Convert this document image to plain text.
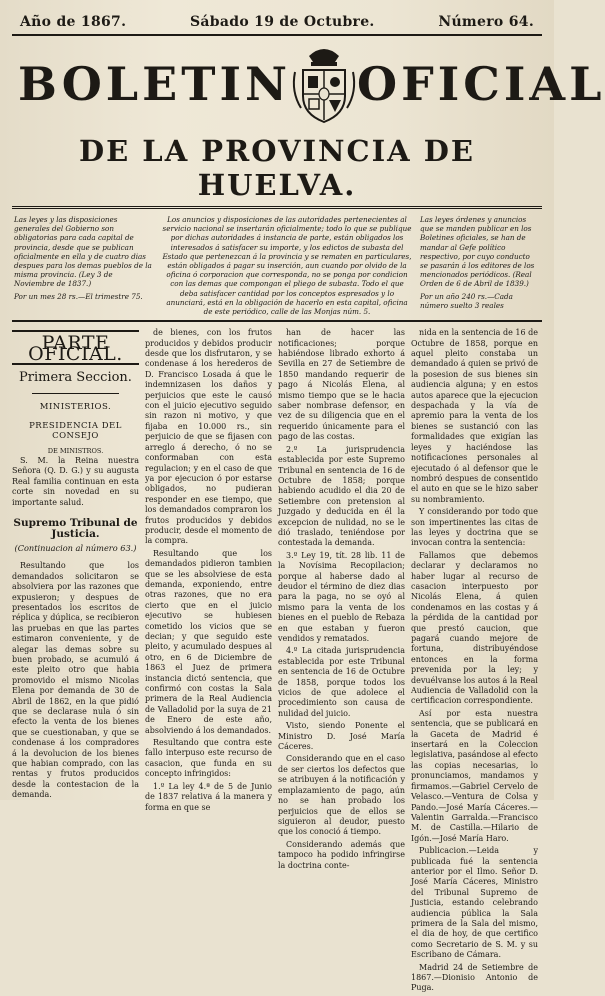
Año de 1867.	Sábado 19 de Octubre.	Número 64.
BOLETIN OFICIAL
DE LA PROVINCIA DE HUELVA.
Las leyes y las disposiciones generales del Gobierno son obligatorias para cada capital de provincia, desde que se publican oficialmente en ella y de cuatro dias despues para los demas pueblos de la misma provincia. (Ley 3 de Noviembre de 1837.)
Por un mes 28 rs.—El trimestre 75.
Los anuncios y disposiciones de las autoridades pertenecientes al servicio nacional se insertarán oficialmente; todo lo que se publique por dichas autoridades á instancia de parte, están obligados los interesados á satisfacer su importe, y los edictos de subasta del Estado que pertenezcan á la provincia y se rematen en particulares, están obligados á pagar su inserción, aun cuando por olvido de la oficina ó corporacion que corresponda, no se ponga por condicion con las demas que compongan el pliego de subasta. Todo el que deba satisfacer cantidad por los conceptos espresados y lo anunciará, está en la obligación de hacerlo en esta capital, oficina de este periódico, calle de las Monjas núm. 5.
Las leyes órdenes y anuncios que se manden publicar en los Boletines oficiales, se han de mandar al Gefe político respectivo, por cuyo conducto se pasarán á los editores de los mencionados periódicos. (Real Orden de 6 de Abril de 1839.)
Por un año 240 rs.—Cada número suelto 3 reales
PARTE OFICIAL.
Primera Seccion.
MINISTERIOS.
PRESIDENCIA DEL CONSEJO
DE MINISTROS.

S. M. la Reina nuestra Señora (Q. D. G.) y su augusta Real familia continuan en esta corte sin novedad en su importante salud.

Supremo Tribunal de Justicia.
(Continuacion al número 63.)

Resultando que los demandados solicitaron se absolviera por las razones que expusieron; y despues de presentados los escritos de réplica y dúplica, se recibieron las pruebas en que las partes estimaron conveniente, y de alegar las demas sobre su buen probado, se acumuló á este pleito otro que habia promovido el mismo Nicolas Elena por demanda de 30 de Abril de 1862, en la que pidió que se declarase nula ó sin efecto la venta de los bienes que se cuestionaban, y que se condenase á los compradores á la devolucion de los bienes que habian comprado, con las rentas y frutos producidos desde la contestacion de la demanda.

de bienes, con los frutos producidos y debidos producir desde que los disfrutaron, y se condenase á los herederos de D. Francisco Losada á que le indemnizasen los daños y perjuicios que este le causó con el juicio ejecutivo seguido sin razon ni motivo, y que fijaba en 10.000 rs., sin perjuicio de que se fijasen con arreglo á derecho, ó no se conformaban con esta regulacion; y en el caso de que ya por ejecucion ó por estarse obligados, no pudieran responder en ese tiempo, que los demandados compraron los frutos producidos y debidos producir, desde el momento de la compra.

Resultando que los demandados pidieron tambien que se les absolviese de esta demanda, exponiendo, entre otras razones, que no era cierto que en el juicio ejecutivo se hubiesen cometido los vicios que se decian; y que seguido este pleito, y acumulado despues al otro, en 6 de Diciembre de 1863 el Juez de primera instancia dictó sentencia, que confirmó con costas la Sala primera de la Real Audiencia de Valladolid por la suya de 21 de Enero de este año, absolviendo á los demandados.

Resultando que contra este fallo interpuso este recurso de casacion, que funda en su concepto infringidos:

1.º La ley 4.ª de 5 de Junio de 1837 relativa á la manera y forma en que se

han de hacer las notificaciones; porque habiéndose librado exhorto á Sevilla en 27 de Setiembre de 1850 mandando requerir de pago á Nicolás Elena, al mismo tiempo que se le hacia saber nombrase defensor, en vez de su diligencia que en el requerido únicamente para el pago de las costas.

2.º La jurisprudencia establecida por este Supremo Tribunal en sentencia de 16 de Octubre de 1858; porque habiendo acudido el dia 20 de Setiembre con pretension al Juzgado y deducida en él la excepcion de nulidad, no se le dió traslado, teniéndose por contestada la demanda.

3.º Ley 19, tít. 28 lib. 11 de la Novísima Recopilacion; porque al haberse dado al deudor el término de diez dias para la paga, no se oyó al mismo para la venta de los bienes en el pueblo de Rebaza en que estaban y fueron vendidos y rematados.

4.º La citada jurisprudencia establecida por este Tribunal en sentencia de 16 de Octubre de 1858, porque todos los vicios de que adolece el procedimiento son causa de nulidad del juicio.

Visto, siendo Ponente el Ministro D. José María Cáceres.

Considerando que en el caso de ser ciertos los defectos que se atribuyen á la notificación y emplazamiento de pago, aún no se han probado los perjuicios que de ellos se siguieron al deudor, puesto que los conoció á tiempo.

Considerando además que tampoco ha podido infringirse la doctrina conte-

nida en la sentencia de 16 de Octubre de 1858, porque en aquel pleito constaba un demandado á quien se privó de la posesion de sus bienes sin audiencia alguna; y en estos autos aparece que la ejecucion despachada y la vía de apremio para la venta de los bienes se sustanció con las formalidades que exigían las leyes y haciéndose las notificaciones personales al ejecutado ó al defensor que le nombró despues de consentido el auto en que se le hizo saber su nombramiento.

Y considerando por todo que son impertinentes las citas de las leyes y doctrina que se invocan contra la sentencia:

Fallamos que debemos declarar y declaramos no haber lugar al recurso de casacion interpuesto por Nicolás Elena, á quien condenamos en las costas y á la pérdida de la cantidad por que prestó caucion, que pagará cuando mejore de fortuna, distribuyéndose entonces en la forma prevenida por la ley; y devuélvanse los autos á la Real Audiencia de Valladolid con la certificacion correspondiente.

Así por esta nuestra sentencia, que se publicará en la Gaceta de Madrid é insertará en la Coleccion legislativa, pasándose al efecto las copias necesarias, lo pronunciamos, mandamos y firmamos.—Gabriel Cervelo de Velasco.—Ventura de Colsa y Pando.—José María Cáceres.—Valentin Garralda.—Francisco M. de Castilla.—Hilario de Igón.—José María Haro.

Publicacion.—Leida y publicada fué la sentencia anterior por el Ilmo. Señor D. José María Cáceres, Ministro del Tribunal Supremo de Justicia, estando celebrando audiencia pública la Sala primera de la Sala del mismo, el dia de hoy, de que certifico como Secretario de S. M. y su Escribano de Cámara.

Madrid 24 de Setiembre de 1867.—Dionisio Antonio de Puga.
